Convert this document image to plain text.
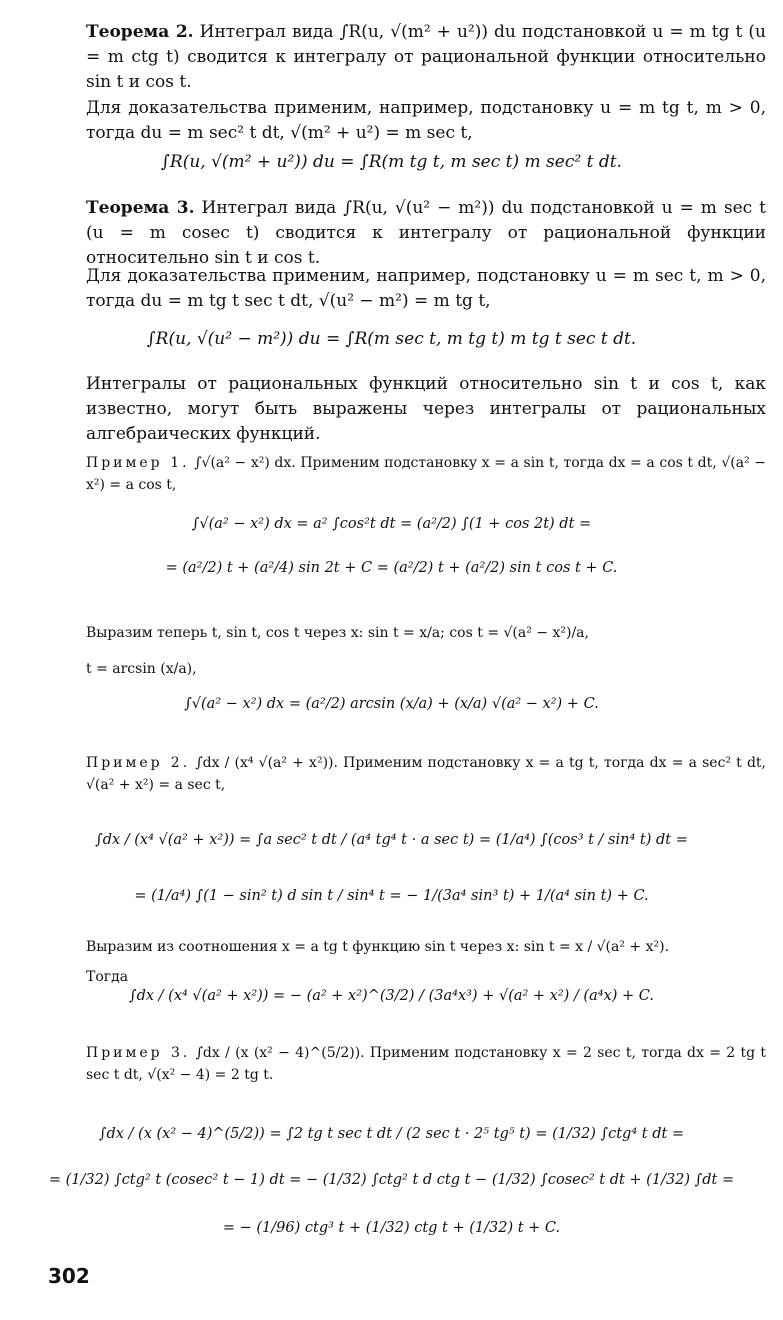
Теорема 2. Интеграл вида ∫R(u, √(m² + u²)) du подстановкой u = m tg t (u = m ctg t) сводится к интегралу от рациональной функции относительно sin t и cos t.

Для доказательства применим, например, подстановку u = m tg t, m > 0, тогда du = m sec² t dt, √(m² + u²) = m sec t,

∫R(u, √(m² + u²)) du = ∫R(m tg t, m sec t) m sec² t dt.

Теорема 3. Интеграл вида ∫R(u, √(u² − m²)) du подстановкой u = m sec t (u = m cosec t) сводится к интегралу от рациональной функции относительно sin t и cos t.

Для доказательства применим, например, подстановку u = m sec t, m > 0, тогда du = m tg t sec t dt, √(u² − m²) = m tg t,

∫R(u, √(u² − m²)) du = ∫R(m sec t, m tg t) m tg t sec t dt.

Интегралы от рациональных функций относительно sin t и cos t, как известно, могут быть выражены через интегралы от рациональных алгебраических функций.

Пример 1. ∫√(a² − x²) dx. Применим подстановку x = a sin t, тогда dx = a cos t dt, √(a² − x²) = a cos t,

∫√(a² − x²) dx = a² ∫cos²t dt = (a²/2) ∫(1 + cos 2t) dt =

= (a²/2) t + (a²/4) sin 2t + C = (a²/2) t + (a²/2) sin t cos t + C.

Выразим теперь t, sin t, cos t через x: sin t = x/a; cos t = √(a² − x²)/a,

t = arcsin (x/a),

∫√(a² − x²) dx = (a²/2) arcsin (x/a) + (x/a) √(a² − x²) + C.

Пример 2. ∫dx / (x⁴ √(a² + x²)). Применим подстановку x = a tg t, тогда dx = a sec² t dt, √(a² + x²) = a sec t,

∫dx / (x⁴ √(a² + x²)) = ∫a sec² t dt / (a⁴ tg⁴ t · a sec t) = (1/a⁴) ∫(cos³ t / sin⁴ t) dt =

= (1/a⁴) ∫(1 − sin² t) d sin t / sin⁴ t = − 1/(3a⁴ sin³ t) + 1/(a⁴ sin t) + C.

Выразим из соотношения x = a tg t функцию sin t через x: sin t = x / √(a² + x²).

Тогда

∫dx / (x⁴ √(a² + x²)) = − (a² + x²)^(3/2) / (3a⁴x³) + √(a² + x²) / (a⁴x) + C.

Пример 3. ∫dx / (x (x² − 4)^(5/2)). Применим подстановку x = 2 sec t, тогда dx = 2 tg t sec t dt, √(x² − 4) = 2 tg t.

∫dx / (x (x² − 4)^(5/2)) = ∫2 tg t sec t dt / (2 sec t · 2⁵ tg⁵ t) = (1/32) ∫ctg⁴ t dt =

= (1/32) ∫ctg² t (cosec² t − 1) dt = − (1/32) ∫ctg² t d ctg t − (1/32) ∫cosec² t dt + (1/32) ∫dt =

= − (1/96) ctg³ t + (1/32) ctg t + (1/32) t + C.

302
